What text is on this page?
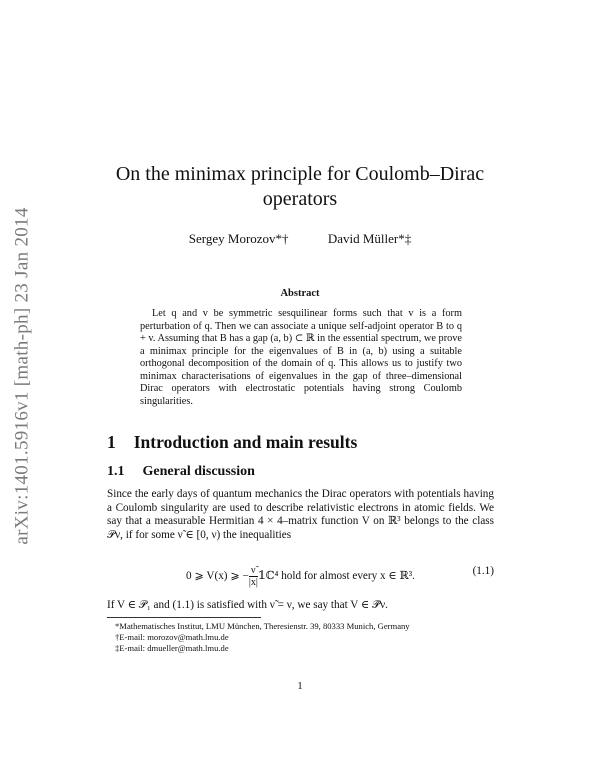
arXiv:1401.5916v1 [math-ph] 23 Jan 2014
On the minimax principle for Coulomb–Dirac
operators
Sergey Morozov*†	David Müller*‡
Abstract
Let q and v be symmetric sesquilinear forms such that v is a form perturbation of q. Then we can associate a unique self-adjoint operator B to q + v. Assuming that B has a gap (a, b) ⊂ ℝ in the essential spectrum, we prove a minimax principle for the eigenvalues of B in (a, b) using a suitable orthogonal decomposition of the domain of q. This allows us to justify two minimax characterisations of eigenvalues in the gap of three–dimensional Dirac operators with electrostatic potentials having strong Coulomb singularities.
1 Introduction and main results
1.1 General discussion
Since the early days of quantum mechanics the Dirac operators with potentials having a Coulomb singularity are used to describe relativistic electrons in atomic fields. We say that a measurable Hermitian 4 × 4–matrix function V on ℝ³ belongs to the class 𝒫ν, if for some ν̃ ∈ [0, ν) the inequalities
0 ⩾ V(x) ⩾ − $\frac{\nũ}{|x|}$ 𝟙ℂ⁴ hold for almost every x ∈ ℝ³.	(1.1)
If V ∈ 𝒫₁ and (1.1) is satisfied with ν̃ = ν, we say that V ∈ 𝒫̄ν.
*Mathematisches Institut, LMU München, Theresienstr. 39, 80333 Munich, Germany
†E-mail: morozov@math.lmu.de
‡E-mail: dmueller@math.lmu.de
1
